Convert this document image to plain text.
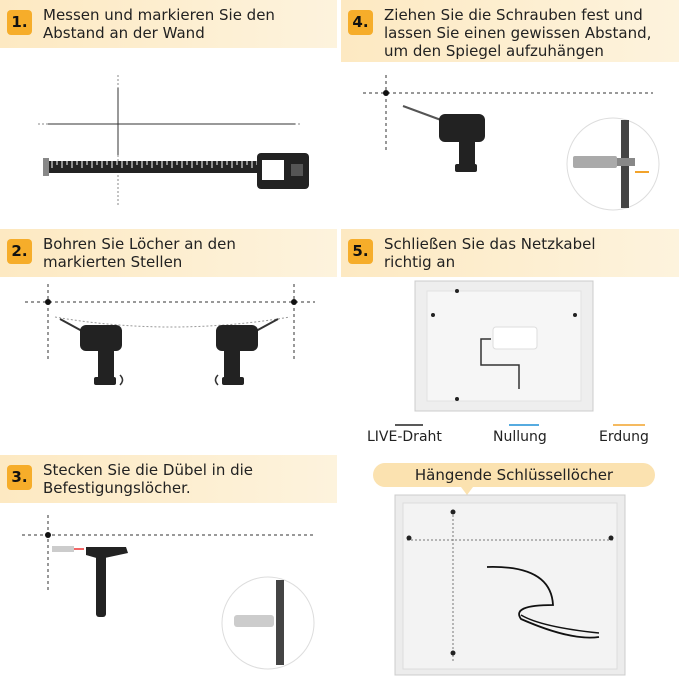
1. Messen und markieren Sie den
Abstand an der Wand
2. Bohren Sie Löcher an den
markierten Stellen
3. Stecken Sie die Dübel in die
Befestigungslöcher.
4. Ziehen Sie die Schrauben fest und
lassen Sie einen gewissen Abstand,
um den Spiegel aufzuhängen
5. Schließen Sie das Netzkabel
richtig an
LIVE-Draht	Nullung	Erdung
Hängende Schlüssellöcher
